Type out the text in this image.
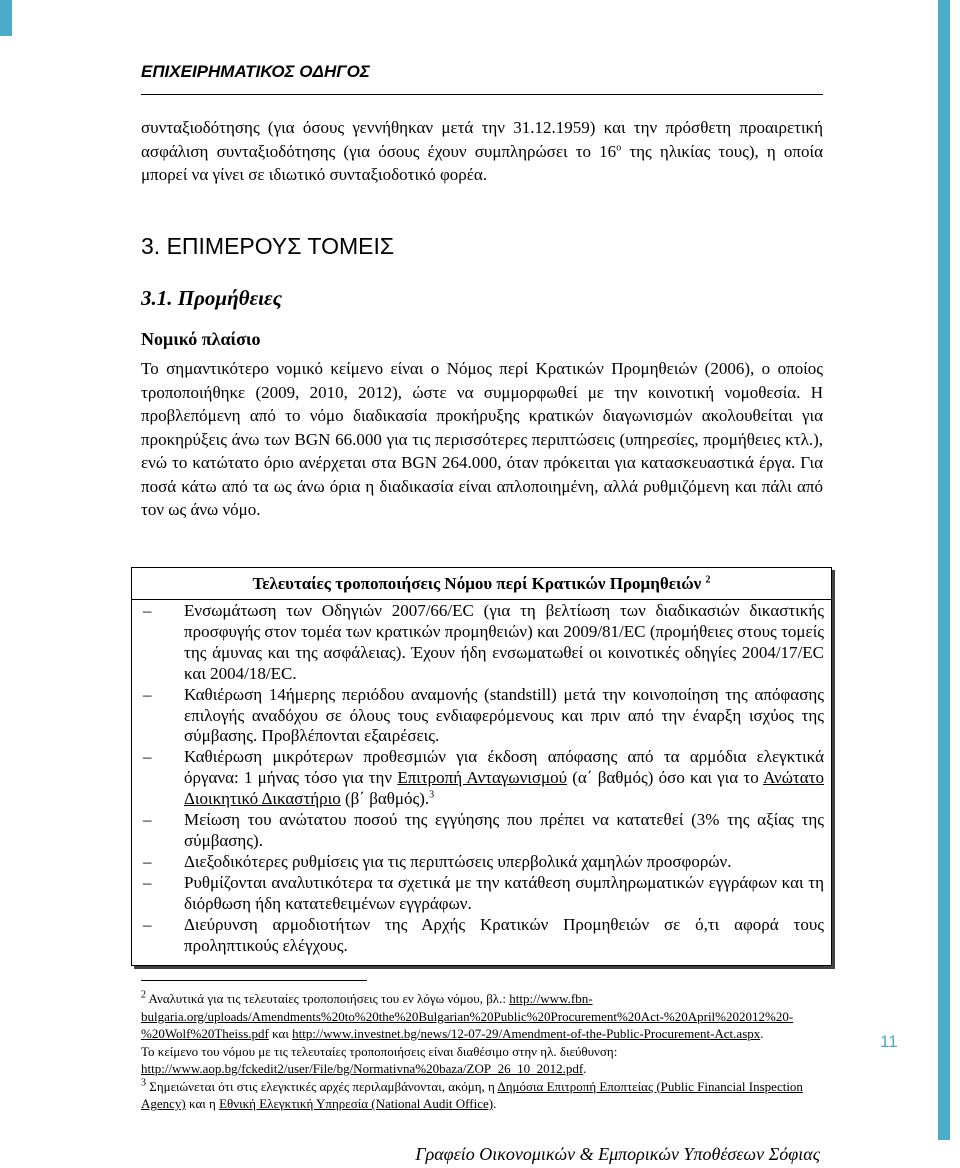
ΕΠΙΧΕΙΡΗΜΑΤΙΚΟΣ ΟΔΗΓΟΣ

συνταξιοδότησης (για όσους γεννήθηκαν μετά την 31.12.1959) και την πρόσθετη προαιρετική ασφάλιση συνταξιοδότησης (για όσους έχουν συμπληρώσει το $16^o$ της ηλικίας τους), η οποία μπορεί να γίνει σε ιδιωτικό συνταξιοδοτικό φορέα.

3. ΕΠΙΜΕΡΟΥΣ ΤΟΜΕΙΣ
3.1. Προμήθειες
Νομικό πλαίσιο

Το σημαντικότερο νομικό κείμενο είναι ο Νόμος περί Κρατικών Προμηθειών (2006), ο οποίος τροποποιήθηκε (2009, 2010, 2012), ώστε να συμμορφωθεί με την κοινοτική νομοθεσία. Η προβλεπόμενη από το νόμο διαδικασία προκήρυξης κρατικών διαγωνισμών ακολουθείται για προκηρύξεις άνω των BGN 66.000 για τις περισσότερες περιπτώσεις (υπηρεσίες, προμήθειες κτλ.), ενώ το κατώτατο όριο ανέρχεται στα BGN 264.000, όταν πρόκειται για κατασκευαστικά έργα. Για ποσά κάτω από τα ως άνω όρια η διαδικασία είναι απλοποιημένη, αλλά ρυθμιζόμενη και πάλι από τον ως άνω νόμο.

Τελευταίες τροποποιήσεις Νόμου περί Κρατικών Προμηθειών $^2$
– Ενσωμάτωση των Οδηγιών 2007/66/EC (για τη βελτίωση των διαδικασιών δικαστικής προσφυγής στον τομέα των κρατικών προμηθειών) και 2009/81/EC (προμήθειες στους τομείς της άμυνας και της ασφάλειας). Έχουν ήδη ενσωματωθεί οι κοινοτικές οδηγίες 2004/17/EC και 2004/18/EC.
– Καθιέρωση 14ήμερης περιόδου αναμονής (standstill) μετά την κοινοποίηση της απόφασης επιλογής αναδόχου σε όλους τους ενδιαφερόμενους και πριν από την έναρξη ισχύος της σύμβασης. Προβλέπονται εξαιρέσεις.
– Καθιέρωση μικρότερων προθεσμιών για έκδοση απόφασης από τα αρμόδια ελεγκτικά όργανα: 1 μήνας τόσο για την Επιτροπή Ανταγωνισμού (α΄ βαθμός) όσο και για το Ανώτατο Διοικητικό Δικαστήριο (β΄ βαθμός).$^3$
– Μείωση του ανώτατου ποσού της εγγύησης που πρέπει να κατατεθεί (3% της αξίας της σύμβασης).
– Διεξοδικότερες ρυθμίσεις για τις περιπτώσεις υπερβολικά χαμηλών προσφορών.
– Ρυθμίζονται αναλυτικότερα τα σχετικά με την κατάθεση συμπληρωματικών εγγράφων και τη διόρθωση ήδη κατατεθειμένων εγγράφων.
– Διεύρυνση αρμοδιοτήτων της Αρχής Κρατικών Προμηθειών σε ό,τι αφορά τους προληπτικούς ελέγχους.

$^2$ Αναλυτικά για τις τελευταίες τροποποιήσεις του εν λόγω νόμου, βλ.: http://www.fbn-bulgaria.org/uploads/Amendments%20to%20the%20Bulgarian%20Public%20Procurement%20Act-%20April%202012%20-%20Wolf%20Theiss.pdf και http://www.investnet.bg/news/12-07-29/Amendment-of-the-Public-Procurement-Act.aspx.

Το κείμενο του νόμου με τις τελευταίες τροποποιήσεις είναι διαθέσιμο στην ηλ. διεύθυνση: http://www.aop.bg/fckedit2/user/File/bg/Normativna%20baza/ZOP_26_10_2012.pdf.

$^3$ Σημειώνεται ότι στις ελεγκτικές αρχές περιλαμβάνονται, ακόμη, η Δημόσια Επιτροπή Εποπτείας (Public Financial Inspection Agency) και η Εθνική Ελεγκτική Υπηρεσία (National Audit Office).

11
Γραφείο Οικονομικών & Εμπορικών Υποθέσεων Σόφιας
